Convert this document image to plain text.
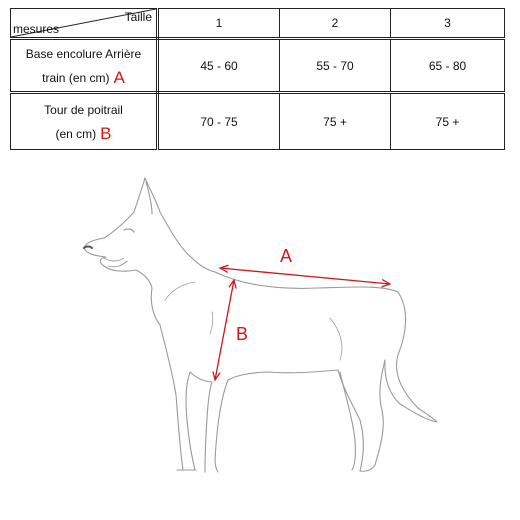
Taille
mesures	1	2	3
Base encolure Arrière
train (en cm) A	45 - 60	55 - 70	65 - 80
Tour de poitrail
(en cm) B	70 - 75	75 +	75 +
A
B
